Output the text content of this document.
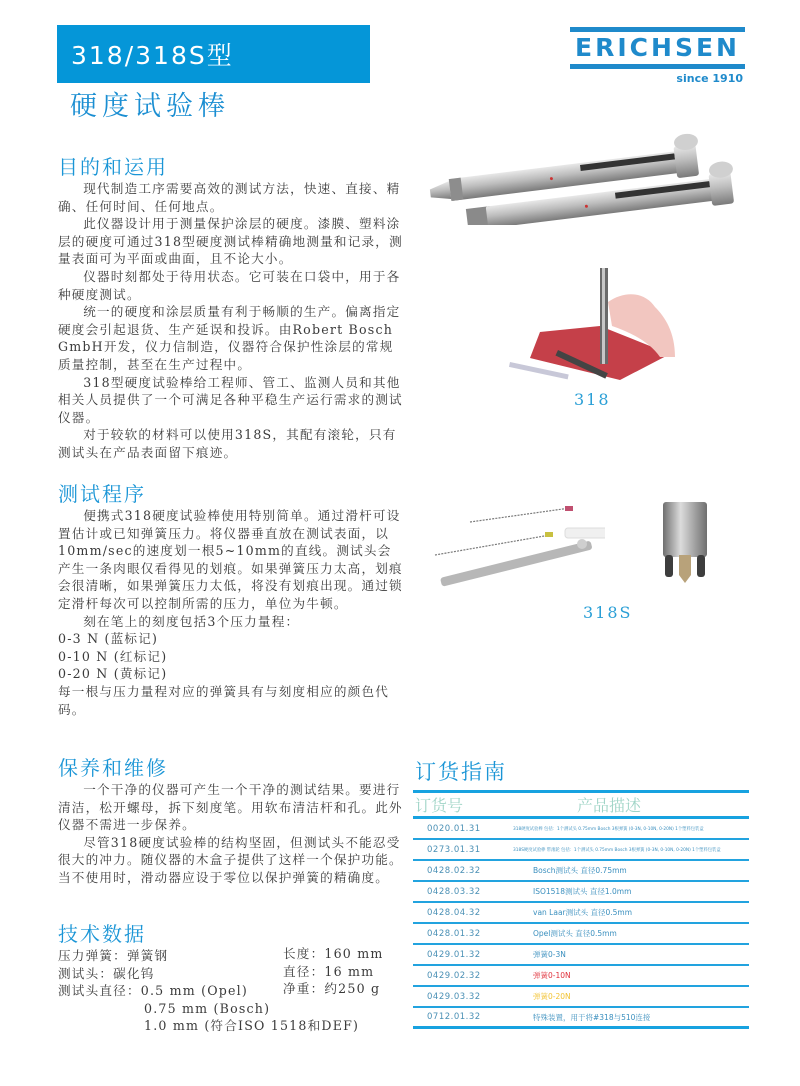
318/318S型
硬度试验棒
ERICHSEN
since 1910
目的和运用

现代制造工序需要高效的测试方法，快速、直接、精确、任何时间、任何地点。

此仪器设计用于测量保护涂层的硬度。漆膜、塑料涂层的硬度可通过318型硬度测试棒精确地测量和记录，测量表面可为平面或曲面，且不论大小。

仪器时刻都处于待用状态。它可装在口袋中，用于各种硬度测试。

统一的硬度和涂层质量有利于畅顺的生产。偏离指定硬度会引起退货、生产延误和投诉。由Robert Bosch GmbH开发，仪力信制造，仪器符合保护性涂层的常规质量控制，甚至在生产过程中。

318型硬度试验棒给工程师、管工、监测人员和其他相关人员提供了一个可满足各种平稳生产运行需求的测试仪器。

对于较软的材料可以使用318S，其配有滚轮，只有测试头在产品表面留下痕迹。

测试程序

便携式318硬度试验棒使用特别简单。通过滑杆可设置估计或已知弹簧压力。将仪器垂直放在测试表面，以10mm/sec的速度划一根5~10mm的直线。测试头会产生一条肉眼仅看得见的划痕。如果弹簧压力太高，划痕会很清晰，如果弹簧压力太低，将没有划痕出现。通过锁定滑杆每次可以控制所需的压力，单位为牛顿。

刻在笔上的刻度包括3个压力量程：

0-3 N (蓝标记)

0-10 N (红标记)

0-20 N (黄标记)

每一根与压力量程对应的弹簧具有与刻度相应的颜色代码。

保养和维修

一个干净的仪器可产生一个干净的测试结果。要进行清洁，松开螺母，拆下刻度笔。用软布清洁杆和孔。此外仪器不需进一步保养。

尽管318硬度试验棒的结构坚固，但测试头不能忍受很大的冲力。随仪器的木盒子提供了这样一个保护功能。当不使用时，滑动器应设于零位以保护弹簧的精确度。

技术数据
压力弹簧：弹簧钢
测试头：碳化钨
测试头直径：0.5 mm (Opel)
0.75 mm (Bosch)
1.0 mm (符合ISO 1518和DEF)
长度：160 mm
直径：16 mm
净重：约250 g
318
318S
订货指南
订货号	产品描述
0020.01.31	318硬度试验棒 包括：1个测试头 0.75mm Bosch 3根弹簧 (0-3N, 0-10N, 0-20N) 1个塑料包装盒
0273.01.31	318S硬度试验棒 带滚轮 包括：1个测试头 0.75mm Bosch 3根弹簧 (0-3N, 0-10N, 0-20N) 1个塑料包装盒
0428.02.32	Bosch测试头 直径0.75mm
0428.03.32	ISO1518测试头 直径1.0mm
0428.04.32	van Laar测试头 直径0.5mm
0428.01.32	Opel测试头 直径0.5mm
0429.01.32	弹簧0-3N
0429.02.32	弹簧0-10N
0429.03.32	弹簧0-20N
0712.01.32	特殊装置，用于将#318与510连接
